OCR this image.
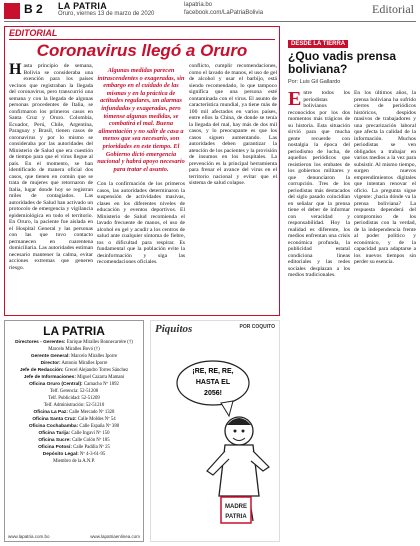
B 2 LA PATRIA
Oruro, viernes 13 de marzo de 2020
lapatria.bo
facebook.com/LaPatriaBolivia	Editorial
EDITORIAL
Coronavirus llegó a Oruro
Hasta principio de semana, Bolivia se consideraba una exención para los países vecinos que registraban la llegada del coronavirus, pero transcurrió una semana y con la llegada de algunas personas procedentes de Italia, se confirmaron los primeros casos en Santa Cruz y Oruro. Colombia, Ecuador, Perú, Chile, Argentina, Paraguay y Brasil, tienen casos de coronavirus y por lo mismo se consideraba por las autoridades del Ministerio de Salud que era cuestión de tiempo para que el virus llegue al país. En el momento, se han identificado de manera oficial dos casos, que tienen en común que se trata de mujeres que retornaron de Italia, lugar donde hoy se registran miles de contagiados. Las autoridades de Salud han activado un protocolo de emergencia y vigilancia epidemiológica en todo el territorio. En Oruro, la paciente fue aislada en el Hospital General y las personas con las que tuvo contacto permanecen en cuarentena domiciliaria. Las autoridades estiman necesario mantener la calma, evitar acciones extremas que generen riesgo.
Con la confirmación de los primeros casos, las autoridades determinaron la suspensión de actividades masivas, clases en los diferentes niveles de educación y eventos deportivos. El Ministerio de Salud recomienda el lavado frecuente de manos, el uso de alcohol en gel y acudir a los centros de salud ante cualquier síntoma de fiebre, tos o dificultad para respirar. Es fundamental que la población evite la desinformación y siga las recomendaciones oficiales.
Algunas medidas parecen intrascendentes o exageradas, sin embargo en el cuidado de las mismas y en la práctica de actitudes regulares, un alarmas infundadas y exageradas, pero tómense algunas medidas, se combatirá el mal. Buena alimentación y no salir de casa a menos que sea necesario, son prioridades en este tiempo. El Gobierno dictó emergencia nacional y habrá apoyo necesario para tratar el asunto.
conflicto, cumplir recomendaciones, como el lavado de manos, el uso de gel de alcohol y usar el barbijo, está siendo recomendado, lo que tampoco significa que una persona esté contaminada con el virus. El asunto de característica mundial, ya tiene más de 100 mil afectados en varios países, entre ellos la China, de donde se tenía la llegada del mal, hay más de dos mil casos, y lo preocupante es que los casos siguen aumentando. Las autoridades deben garantizar la atención de los pacientes y la provisión de insumos en los hospitales. La prevención es la principal herramienta para frenar el avance del virus en el territorio nacional y evitar que el sistema de salud colapse.
LA PATRIA
Directores - Gerentes: Enrique Miralles Bonnecarrère (†)
Marcelo Miralles Bovó (†)
Gerente General: Marcelo Miralles Iporre
Director: Antonio Miralles Iporre
Jefe de Redacción: Grecel Alejandro Torres Sánchez
Jefe de Informaciones: Miguel Cazarra Mamani
Oficina Oruro (Central): Camacho Nº 1892
Telf. Gerencia: 52-51208
Telf. Publicidad: 52-51209
Telf. Administración: 52-51210
Oficina La Paz: Calle Mercado Nº 1328
Oficina Santa Cruz: Calle Moldes Nº 54
Oficina Cochabamba: Calle España Nº 380
Oficina Tarija: Calle Ingavi Nº 150
Oficina Sucre: Calle Colón Nº 185
Oficina Potosí: Calle Padilla Nº 25
Depósito Legal: Nº 4-3-61-95
Miembro de la A.N.P.
www.lapatria.com.bo	www.lapatriaenlinea.com
Piquitos	POR COQUITO
¡RE, RE, RE,
HASTA EL
2056!
MADRE
PATRIA
DESDE LA TIERRA
¿Quo vadis prensa boliviana?
Por: Luis Gil Gallardo
Entre todos los periodistas bolivianos reconocidos por los dos momentos más trágicos de su historia. Esta situación sirvió para que mucha gente recuerde con nostalgia la época del periodismo de lucha, de aquellos periódicos que resistieron los embates de los gobiernos militares y que denunciaron la corrupción. Tres de los periodistas más destacados del siglo pasado coincidían en señalar que la prensa tiene el deber de informar con veracidad y responsabilidad. Hoy la realidad es diferente, los medios enfrentan una crisis económica profunda, la publicidad estatal condiciona líneas editoriales y las redes sociales desplazan a los medios tradicionales.
En los últimos años, la prensa boliviana ha sufrido cierres de periódicos históricos, despidos masivos de trabajadores y una precarización laboral que afecta la calidad de la información. Muchos periodistas se ven obligados a trabajar en varios medios a la vez para subsistir. Al mismo tiempo, surgen nuevos emprendimientos digitales que intentan renovar el oficio. La pregunta sigue vigente: ¿hacia dónde va la prensa boliviana? La respuesta dependerá del compromiso de los periodistas con la verdad, de la independencia frente al poder político y económico, y de la capacidad para adaptarse a los nuevos tiempos sin perder su esencia.
